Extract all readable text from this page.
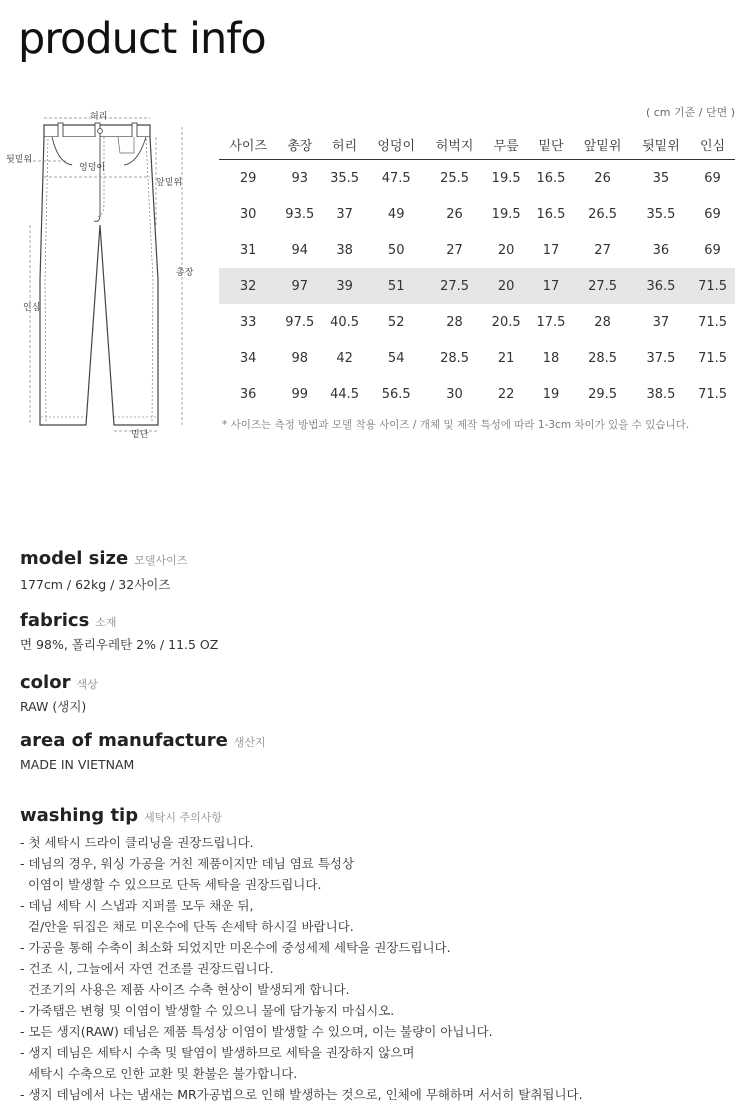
product info
( cm 기준 / 단면 )
허리
뒷밑위
엉덩이
앞밑위
총장
인심
밑단
사이즈	총장	허리	엉덩이	허벅지	무릎	밑단	앞밑위	뒷밑위	인심
29	93	35.5	47.5	25.5	19.5	16.5	26	35	69
30	93.5	37	49	26	19.5	16.5	26.5	35.5	69
31	94	38	50	27	20	17	27	36	69
32	97	39	51	27.5	20	17	27.5	36.5	71.5
33	97.5	40.5	52	28	20.5	17.5	28	37	71.5
34	98	42	54	28.5	21	18	28.5	37.5	71.5
36	99	44.5	56.5	30	22	19	29.5	38.5	71.5
* 사이즈는 측정 방법과 모델 착용 사이즈 / 개체 및 제작 특성에 따라 1-3cm 차이가 있을 수 있습니다.
model size 모델사이즈
177cm / 62kg / 32사이즈
fabrics 소재
면 98%, 폴리우레탄 2% / 11.5 OZ
color 색상
RAW (생지)
area of manufacture 생산지
MADE IN VIETNAM
washing tip 세탁시 주의사항
- 첫 세탁시 드라이 클리닝을 권장드립니다.
- 데님의 경우, 워싱 가공을 거친 제품이지만 데님 염료 특성상
이염이 발생할 수 있으므로 단독 세탁을 권장드립니다.
- 데님 세탁 시 스냅과 지퍼를 모두 채운 뒤,
겉/안을 뒤집은 채로 미온수에 단독 손세탁 하시길 바랍니다.
- 가공을 통해 수축이 최소화 되었지만 미온수에 중성세제 세탁을 권장드립니다.
- 건조 시, 그늘에서 자연 건조를 권장드립니다.
건조기의 사용은 제품 사이즈 수축 현상이 발생되게 합니다.
- 가죽탭은 변형 및 이염이 발생할 수 있으니 물에 담가놓지 마십시오.
- 모든 생지(RAW) 데님은 제품 특성상 이염이 발생할 수 있으며, 이는 불량이 아닙니다.
- 생지 데님은 세탁시 수축 및 탈염이 발생하므로 세탁을 권장하지 않으며
세탁시 수축으로 인한 교환 및 환불은 불가합니다.
- 생지 데님에서 나는 냄새는 MR가공법으로 인해 발생하는 것으로, 인체에 무해하며 서서히 탈취됩니다.
